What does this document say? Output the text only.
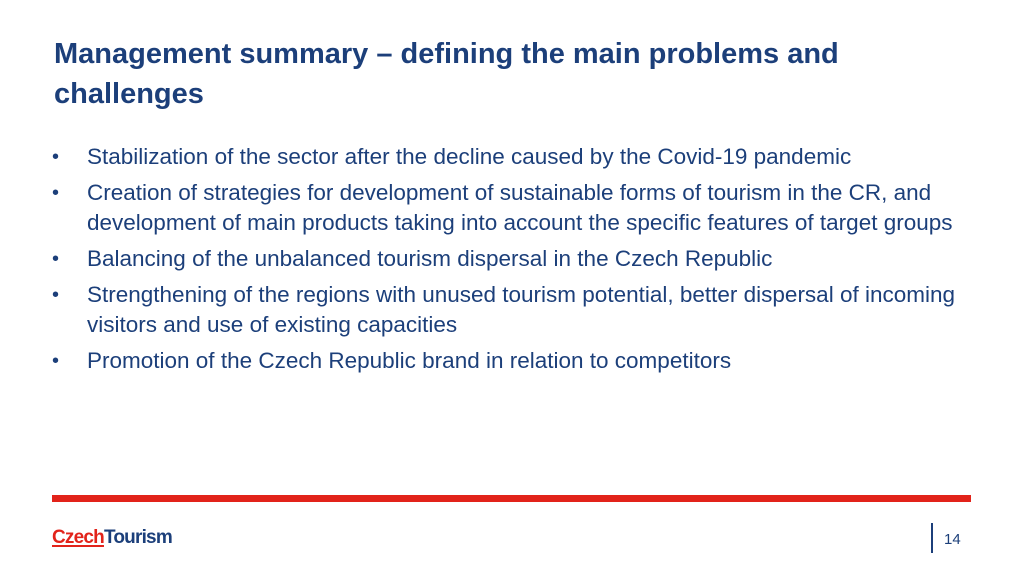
Management summary – defining the main problems and challenges
•	Stabilization of the sector after the decline caused by the Covid-19 pandemic
•	Creation of strategies for development of sustainable forms of tourism in the CR, and development of main products taking into account the specific features of target groups
•	Balancing of the unbalanced tourism dispersal in the Czech Republic
•	Strengthening of the regions with unused tourism potential, better dispersal of incoming visitors and use of existing capacities
•	Promotion of the Czech Republic brand in relation to competitors
CzechTourism	14
